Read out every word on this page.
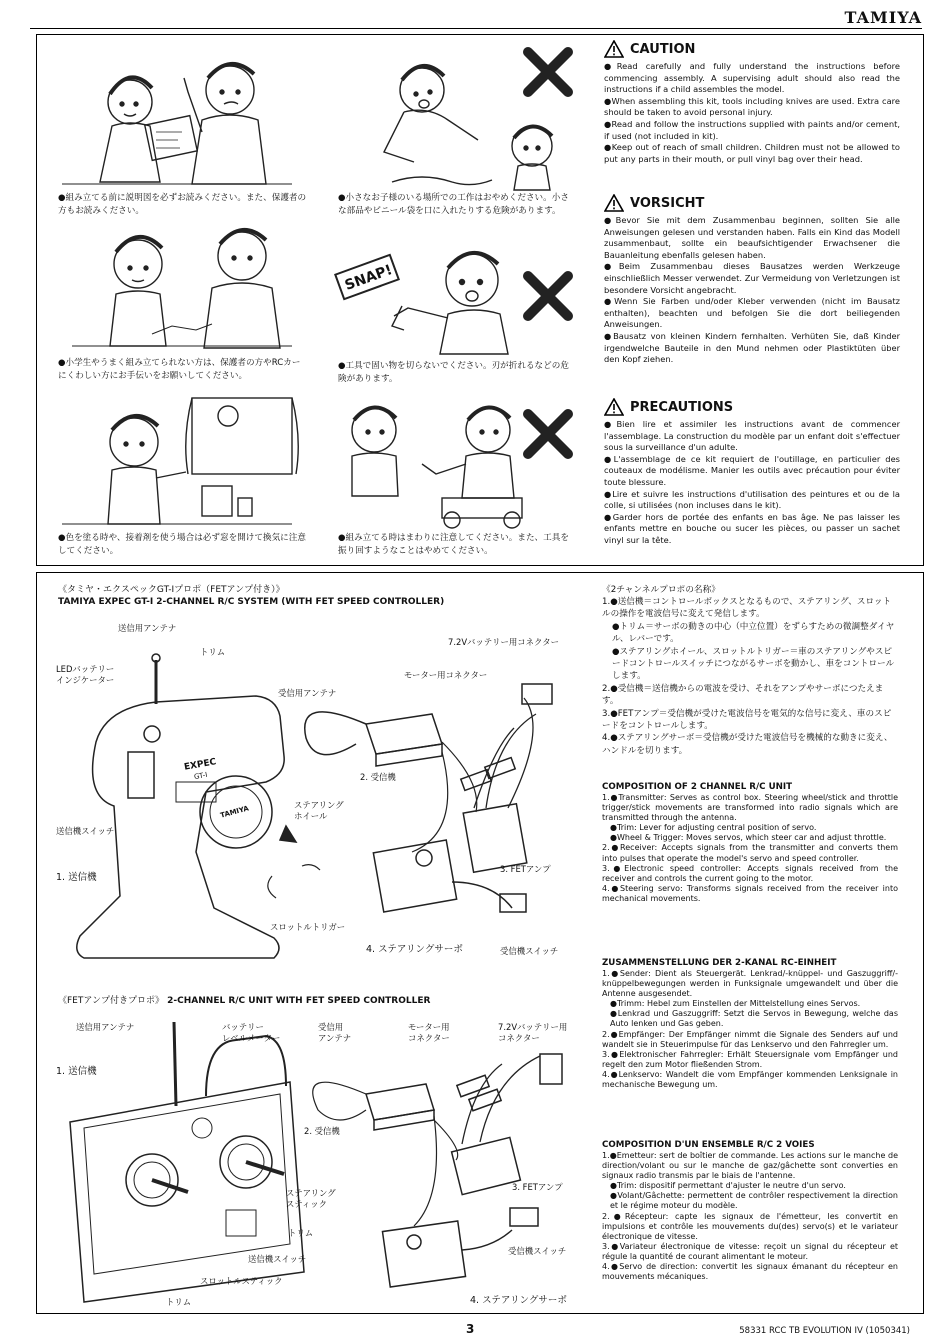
TAMIYA
●組み立てる前に説明図を必ずお読みください。また、保護者の方もお読みください。
●小さなお子様のいる場所での工作はおやめください。小さな部品やビニール袋を口に入れたりする危険があります。
●小学生やうまく組み立てられない方は、保護者の方やRCカーにくわしい方にお手伝いをお願いしてください。
SNAP!
●工具で固い物を切らないでください。刃が折れるなどの危険があります。
●色を塗る時や、接着剤を使う場合は必ず窓を開けて換気に注意してください。
●組み立てる時はまわりに注意してください。また、工具を振り回すようなことはやめてください。
CAUTION

●Read carefully and fully understand the instructions before commencing assembly. A supervising adult should also read the instructions if a child assembles the model.

●When assembling this kit, tools including knives are used. Extra care should be taken to avoid personal injury.

●Read and follow the instructions supplied with paints and/or cement, if used (not included in kit).

●Keep out of reach of small children. Children must not be allowed to put any parts in their mouth, or pull vinyl bag over their head.

VORSICHT

●Bevor Sie mit dem Zusammenbau beginnen, sollten Sie alle Anweisungen gelesen und verstanden haben. Falls ein Kind das Modell zusammenbaut, sollte ein beaufsichtigender Erwachsener die Bauanleitung ebenfalls gelesen haben.

●Beim Zusammenbau dieses Bausatzes werden Werkzeuge einschließlich Messer verwendet. Zur Vermeidung von Verletzungen ist besondere Vorsicht angebracht.

●Wenn Sie Farben und/oder Kleber verwenden (nicht im Bausatz enthalten), beachten und befolgen Sie die dort beiliegenden Anweisungen.

●Bausatz von kleinen Kindern fernhalten. Verhüten Sie, daß Kinder irgendwelche Bauteile in den Mund nehmen oder Plastiktüten über den Kopf ziehen.

PRECAUTIONS

●Bien lire et assimiler les instructions avant de commencer l'assemblage. La construction du modèle par un enfant doit s'effectuer sous la surveillance d'un adulte.

●L'assemblage de ce kit requiert de l'outillage, en particulier des couteaux de modélisme. Manier les outils avec précaution pour éviter toute blessure.

●Lire et suivre les instructions d'utilisation des peintures et ou de la colle, si utilisées (non incluses dans le kit).

●Garder hors de portée des enfants en bas âge. Ne pas laisser les enfants mettre en bouche ou sucer les pièces, ou passer un sachet vinyl sur la tête.

《タミヤ・エクスペックGT-Ⅰプロポ（FETアンプ付き）》
TAMIYA EXPEC GT-I 2-CHANNEL R/C SYSTEM (WITH FET SPEED CONTROLLER)
EXPEC
GT-I
TAMIYA
送信用アンテナ
トリム
LEDバッテリー
インジケーター
7.2Vバッテリー用コネクター
モーター用コネクター
受信用アンテナ
2. 受信機
ステアリング
ホイール
送信機スイッチ
1. 送信機
3. FETアンプ
スロットルトリガー
4. ステアリングサーボ	受信機スイッチ
《FETアンプ付きプロポ》 2-CHANNEL R/C UNIT WITH FET SPEED CONTROLLER
送信用アンテナ	バッテリー
レベルメーター
受信用
アンテナ
モーター用
コネクター
7.2Vバッテリー用
コネクター
1. 送信機
2. 受信機
ステアリング
スティック
トリム
3. FETアンプ
送信機スイッチ
受信機スイッチ
スロットルスティック
トリム	4. ステアリングサーボ
《2チャンネルプロポの名称》

1.●送信機＝コントロールボックスとなるもので、ステアリング、スロットルの操作を電波信号に変えて発信します。

●トリム＝サーボの動きの中心（中立位置）をずらすための微調整ダイヤル、レバーです。

●ステアリングホイール、スロットルトリガー＝車のステアリングやスピードコントロールスイッチにつながるサーボを動かし、車をコントロールします。

2.●受信機＝送信機からの電波を受け、それをアンプやサーボにつたえます。

3.●FETアンプ＝受信機が受けた電波信号を電気的な信号に変え、車のスピードをコントロールします。

4.●ステアリングサーボ＝受信機が受けた電波信号を機械的な動きに変え、ハンドルを切ります。

COMPOSITION OF 2 CHANNEL R/C UNIT

1.●Transmitter: Serves as control box. Steering wheel/stick and throttle trigger/stick movements are transformed into radio signals which are transmitted through the antenna.

●Trim: Lever for adjusting central position of servo.

●Wheel & Trigger: Moves servos, which steer car and adjust throttle.

2.●Receiver: Accepts signals from the transmitter and converts them into pulses that operate the model's servo and speed controller.

3.●Electronic speed controller: Accepts signals received from the receiver and controls the current going to the motor.

4.●Steering servo: Transforms signals received from the receiver into mechanical movements.

ZUSAMMENSTELLUNG DER 2-KANAL RC-EINHEIT

1.●Sender: Dient als Steuergerät. Lenkrad/-knüppel- und Gaszuggriff/- knüppelbewegungen werden in Funksignale umgewandelt und über die Antenne ausgesendet.

●Trimm: Hebel zum Einstellen der Mittelstellung eines Servos.

●Lenkrad und Gaszuggriff: Setzt die Servos in Bewegung, welche das Auto lenken und Gas geben.

2.●Empfänger: Der Empfänger nimmt die Signale des Senders auf und wandelt sie in Steuerimpulse für das Lenkservo und den Fahrregler um.

3.●Elektronischer Fahrregler: Erhält Steuersignale vom Empfänger und regelt den zum Motor fließenden Strom.

4.●Lenkservo: Wandelt die vom Empfänger kommenden Lenksignale in mechanische Bewegung um.

COMPOSITION D'UN ENSEMBLE R/C 2 VOIES

1.●Emetteur: sert de boîtier de commande. Les actions sur le manche de direction/volant ou sur le manche de gaz/gâchette sont converties en signaux radio transmis par le biais de l'antenne.

●Trim: dispositif permettant d'ajuster le neutre d'un servo.

●Volant/Gâchette: permettent de contrôler respectivement la direction et le régime moteur du modèle.

2.●Récepteur: capte les signaux de l'émetteur, les convertit en impulsions et contrôle les mouvements du(des) servo(s) et le variateur électronique de vitesse.

3.●Variateur électronique de vitesse: reçoit un signal du récepteur et régule la quantité de courant alimentant le moteur.

4.●Servo de direction: convertit les signaux émanant du récepteur en mouvements mécaniques.

3	58331 RCC TB EVOLUTION IV (1050341)
